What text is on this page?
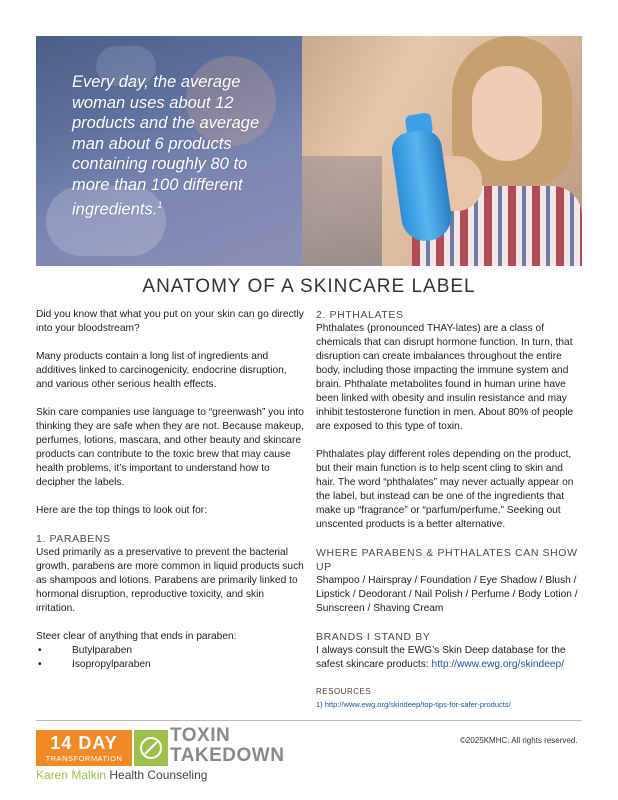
Every day, the average woman uses about 12 products and the average man about 6 products containing roughly 80 to more than 100 different ingredients.$^1$
ANATOMY OF A SKINCARE LABEL

Did you know that what you put on your skin can go directly into your bloodstream?

Many products contain a long list of ingredients and additives linked to carcinogenicity, endocrine disruption, and various other serious health effects.

Skin care companies use language to “greenwash” you into thinking they are safe when they are not. Because makeup, perfumes, lotions, mascara, and other beauty and skincare products can contribute to the toxic brew that may cause health problems, it’s important to understand how to decipher the labels.

Here are the top things to look out for:

1. PARABENS

Used primarily as a preservative to prevent the bacterial growth, parabens are more common in liquid products such as shampoos and lotions. Parabens are primarily linked to hormonal disruption, reproductive toxicity, and skin irritation.

Steer clear of anything that ends in paraben:
•	Butylparaben
•	Isopropylparaben
2. PHTHALATES

Phthalates (pronounced THAY-lates) are a class of chemicals that can disrupt hormone function. In turn, that disruption can create imbalances throughout the entire body, including those impacting the immune system and brain. Phthalate metabolites found in human urine have been linked with obesity and insulin resistance and may inhibit testosterone function in men. About 80% of people are exposed to this type of toxin.

Phthalates play different roles depending on the product, but their main function is to help scent cling to skin and hair. The word “phthalates” may never actually appear on the label, but instead can be one of the ingredients that make up “fragrance” or “parfum/perfume.” Seeking out unscented products is a better alternative.

WHERE PARABENS & PHTHALATES CAN SHOW UP

Shampoo / Hairspray / Foundation / Eye Shadow / Blush / Lipstick / Deodorant / Nail Polish / Perfume / Body Lotion / Sunscreen / Shaving Cream

BRANDS I STAND BY

I always consult the EWG’s Skin Deep database for the safest skincare products: http://www.ewg.org/skindeep/

RESOURCES
1) http://www.ewg.org/skindeep/top-tips-for-safer-products/
14 DAY
TRANSFORMATION
TOXIN
TAKEDOWN
Karen Malkin Health Counseling
©2025KMHC. All rights reserved.
